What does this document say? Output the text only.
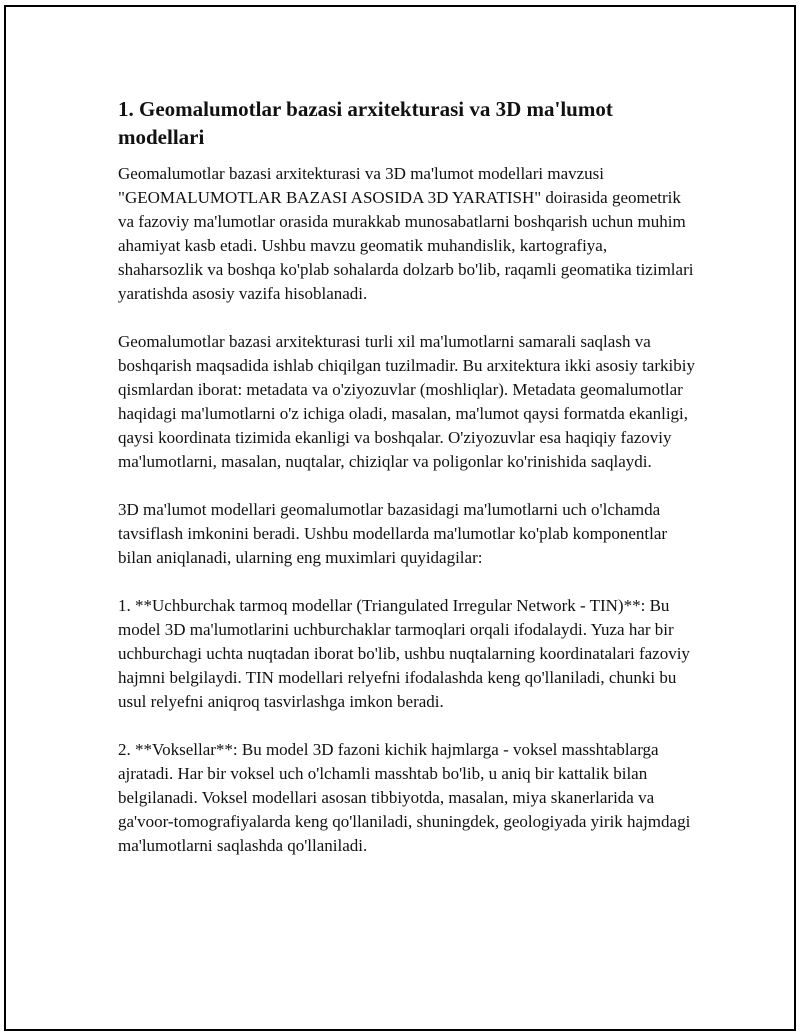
1. Geomalumotlar bazasi arxitekturasi va 3D ma'lumot modellari

Geomalumotlar bazasi arxitekturasi va 3D ma'lumot modellari mavzusi "GEOMALUMOTLAR BAZASI ASOSIDA 3D YARATISH" doirasida geometrik va fazoviy ma'lumotlar orasida murakkab munosabatlarni boshqarish uchun muhim ahamiyat kasb etadi. Ushbu mavzu geomatik muhandislik, kartografiya, shaharsozlik va boshqa ko'plab sohalarda dolzarb bo'lib, raqamli geomatika tizimlari yaratishda asosiy vazifa hisoblanadi.

Geomalumotlar bazasi arxitekturasi turli xil ma'lumotlarni samarali saqlash va boshqarish maqsadida ishlab chiqilgan tuzilmadir. Bu arxitektura ikki asosiy tarkibiy qismlardan iborat: metadata va o'ziyozuvlar (moshliqlar). Metadata geomalumotlar haqidagi ma'lumotlarni o'z ichiga oladi, masalan, ma'lumot qaysi formatda ekanligi, qaysi koordinata tizimida ekanligi va boshqalar. O'ziyozuvlar esa haqiqiy fazoviy ma'lumotlarni, masalan, nuqtalar, chiziqlar va poligonlar ko'rinishida saqlaydi.

3D ma'lumot modellari geomalumotlar bazasidagi ma'lumotlarni uch o'lchamda tavsiflash imkonini beradi. Ushbu modellarda ma'lumotlar ko'plab komponentlar bilan aniqlanadi, ularning eng muximlari quyidagilar:

1. **Uchburchak tarmoq modellar (Triangulated Irregular Network - TIN)**: Bu model 3D ma'lumotlarini uchburchaklar tarmoqlari orqali ifodalaydi. Yuza har bir uchburchagi uchta nuqtadan iborat bo'lib, ushbu nuqtalarning koordinatalari fazoviy hajmni belgilaydi. TIN modellari relyefni ifodalashda keng qo'llaniladi, chunki bu usul relyefni aniqroq tasvirlashga imkon beradi.

2. **Voksellar**: Bu model 3D fazoni kichik hajmlarga - voksel masshtablarga ajratadi. Har bir voksel uch o'lchamli masshtab bo'lib, u aniq bir kattalik bilan belgilanadi. Voksel modellari asosan tibbiyotda, masalan, miya skanerlarida va ga'voor-tomografiyalarda keng qo'llaniladi, shuningdek, geologiyada yirik hajmdagi ma'lumotlarni saqlashda qo'llaniladi.
